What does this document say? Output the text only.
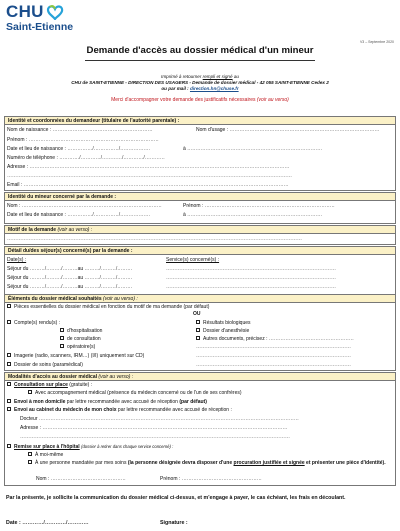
CHU
Saint-Etienne
V3 – Septembre 2020
Demande d'accès au dossier médical d'un mineur
Imprimé à retourner rempli et signé au
CHU de SAINT-ETIENNE - DIRECTION DES USAGERS - Demande de dossier médical - 42 055 SAINT-ETIENNE Cedex 2
ou par mail : direction.hn@chuse.fr
Merci d'accompagner votre demande des justificatifs nécessaires (voir au verso)
Identité et coordonnées du demandeur (titulaire de l'autorité parentale) :
Nom de naissance : ……………………………………………………	Nom d'usage : ………………………………………………………………………………
Prénom : ……………………………………………………………………
Date et lieu de naissance : ……………/……………/………………	à ………………………………………………………………………
Numéro de téléphone : …………/…………/…………/…………/…………
Adresse : …………………………………………………………………………………………………………………………………………
………………………………………………………………………………………………………………………………………………………
Email : ……………………………………………………………………………………………………………………………………………
Identité du mineur concerné par la demande :
Nom : …………………………………………………………………………	Prénom : ……………………………………………………………………
Date et lieu de naissance : ……………/……………/………………	à ………………………………………………………………………
Motif de la demande (voir au verso) :
……………………………………………………………………………………………………………………………………………………………
Détail du/des séjour(s) concerné(s) par la demande :
Date(s) :	Service(s) concerné(s) :
Séjour du ………/………/………au ………/………/………	…………………………………………………………………………………………
Séjour du ………/………/………au ………/………/………	…………………………………………………………………………………………
Séjour du ………/………/………au ………/………/………	…………………………………………………………………………………………
Éléments du dossier médical souhaités (voir au verso) :
Pièces essentielles du dossier médical en fonction du motif de ma demande (par défaut)
OU
Compte(s) rendu(s) :
d'hospitalisation
de consultation
opératoire(s)
Résultats biologiques
Dossier d'anesthésie
Autres documents, précisez : ……………………………………………
…………………………………………………………………………………
Imagerie (radio, scanners, IRM…) (I/I) uniquement sur CD)	…………………………………………………………………………………
Dossier de soins (paramédical)	…………………………………………………………………………………
Modalités d'accès au dossier médical (voir au verso) :
Consultation sur place (gratuite) :
Avec accompagnement médical (présence du médecin concerné ou de l'un de ses confrères)
Envoi à mon domicile par lettre recommandée avec accusé de réception (par défaut)
Envoi au cabinet du médecin de mon choix par lettre recommandée avec accusé de réception :
Docteur …………………………………………………………………………………………………………………………………………
Adresse : …………………………………………………………………………………………………………………………………
………………………………………………………………………………………………………………………………………………
Remise sur place à l'hôpital (dossier à retirer dans chaque service concerné) :
À moi-même
À une personne mandatée par mes soins (la personne désignée devra disposer d'une procuration justifiée et signée et présenter une pièce d'identité).
Nom : ………………………………………	Prénom : …………………………………………
Par la présente, je sollicite la communication du dossier médical ci-dessus, et m'engage à payer, le cas échéant, les frais en découlant.
Date : …………/…………/…………	Signature :
